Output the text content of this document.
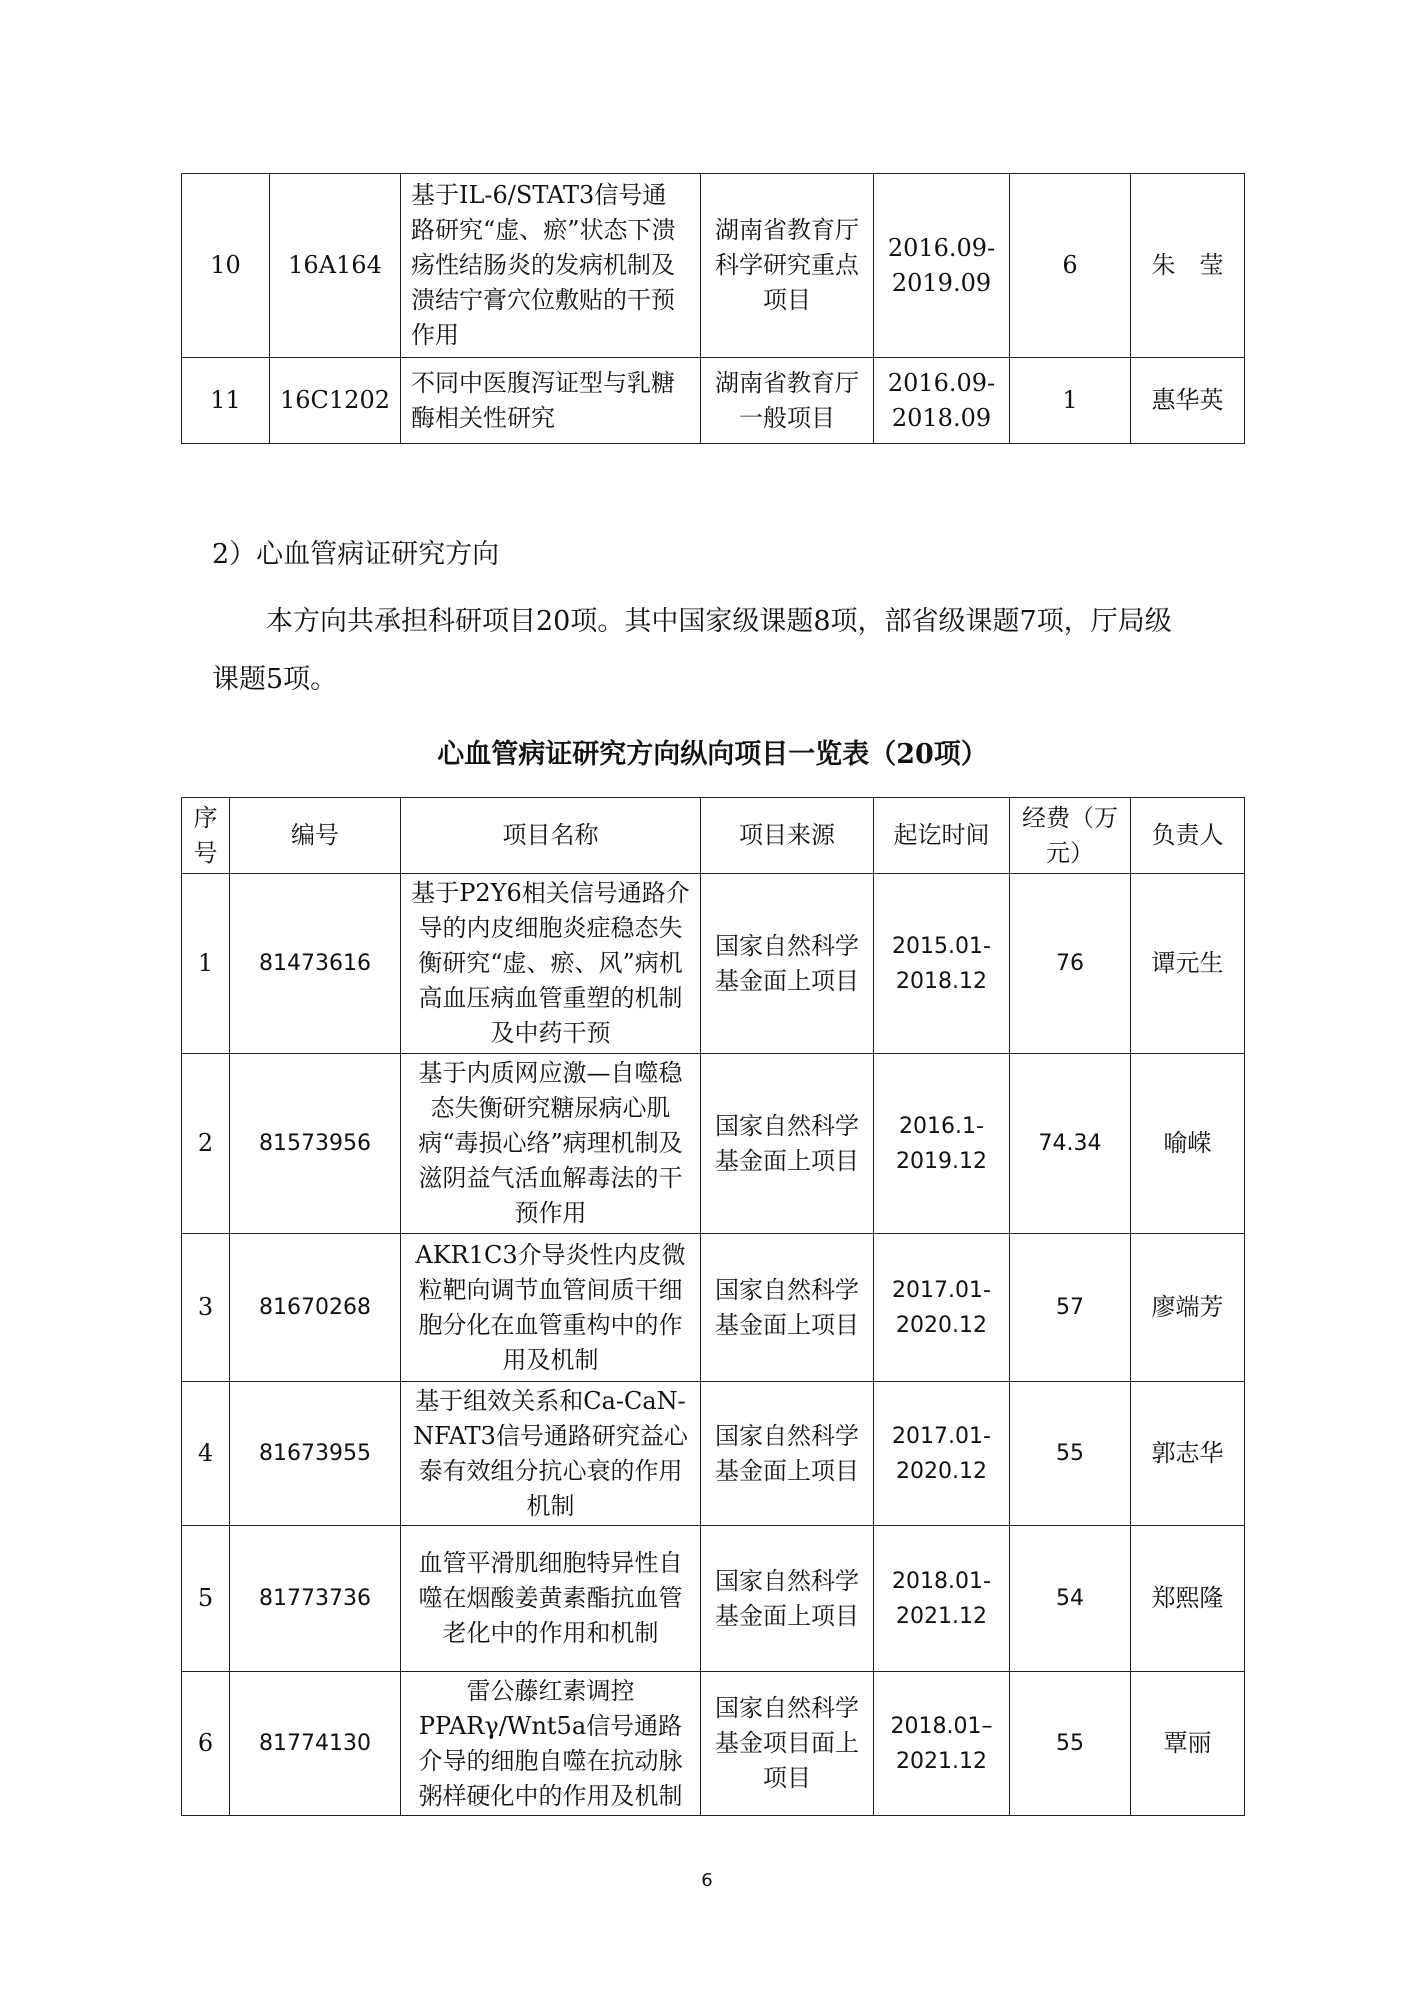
10	16A164	基于IL-6/STAT3信号通路研究“虚、瘀”状态下溃疡性结肠炎的发病机制及溃结宁膏穴位敷贴的干预作用	湖南省教育厅科学研究重点项目	2016.09-2019.09	6	朱　莹
11	16C1202	不同中医腹泻证型与乳糖酶相关性研究	湖南省教育厅一般项目	2016.09-2018.09	1	惠华英
2）心血管病证研究方向
本方向共承担科研项目20项。其中国家级课题8项，部省级课题7项，厅局级
课题5项。
心血管病证研究方向纵向项目一览表（20项）
序号	编号	项目名称	项目来源	起讫时间	经费（万元）	负责人
1	81473616	基于P2Y6相关信号通路介导的内皮细胞炎症稳态失衡研究“虚、瘀、风”病机高血压病血管重塑的机制及中药干预	国家自然科学基金面上项目	2015.01-2018.12	76	谭元生
2	81573956	基于内质网应激—自噬稳态失衡研究糖尿病心肌病“毒损心络”病理机制及滋阴益气活血解毒法的干预作用	国家自然科学基金面上项目	2016.1-2019.12	74.34	喻嵘
3	81670268	AKR1C3介导炎性内皮微粒靶向调节血管间质干细胞分化在血管重构中的作用及机制	国家自然科学基金面上项目	2017.01-2020.12	57	廖端芳
4	81673955	基于组效关系和Ca-CaN-NFAT3信号通路研究益心泰有效组分抗心衰的作用机制	国家自然科学基金面上项目	2017.01-2020.12	55	郭志华
5	81773736	血管平滑肌细胞特异性自噬在烟酸姜黄素酯抗血管老化中的作用和机制	国家自然科学基金面上项目	2018.01-2021.12	54	郑熙隆
6	81774130	雷公藤红素调控PPARγ/Wnt5a信号通路介导的细胞自噬在抗动脉粥样硬化中的作用及机制	国家自然科学基金项目面上项目	2018.01–2021.12	55	覃丽
6
